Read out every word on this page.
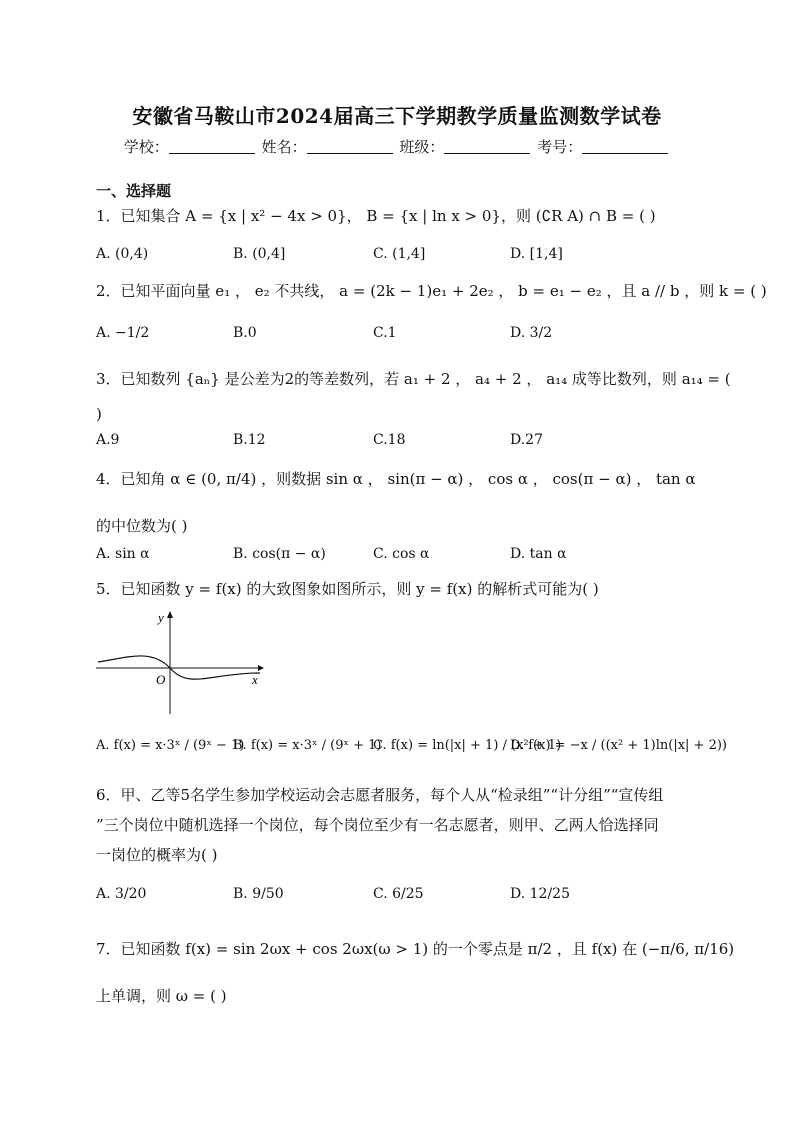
安徽省马鞍山市2024届高三下学期教学质量监测数学试卷
学校：	姓名：	班级：	考号：
一、选择题
1．已知集合 A = {x | x² − 4x > 0}， B = {x | ln x > 0}，则 (∁R A) ∩ B = ( )
A. (0,4)	B. (0,4]	C. (1,4]	D. [1,4]
2．已知平面向量 e₁ ， e₂ 不共线， a = (2k − 1)e₁ + 2e₂ ， b = e₁ − e₂ ，且 a // b ，则 k = ( )
A. −1/2	B.0	C.1	D. 3/2
3．已知数列 {aₙ} 是公差为2的等差数列，若 a₁ + 2 ， a₄ + 2 ， a₁₄ 成等比数列，则 a₁₄ = (
)
A.9	B.12	C.18	D.27
4．已知角 α ∈ (0, π/4) ，则数据 sin α ， sin(π − α) ， cos α ， cos(π − α) ， tan α
的中位数为( )
A. sin α	B. cos(π − α)	C. cos α	D. tan α
5．已知函数 y = f(x) 的大致图象如图所示，则 y = f(x) 的解析式可能为( )
y
x
O
A. f(x) = x·3ˣ / (9ˣ − 1)
B. f(x) = x·3ˣ / (9ˣ + 1)
C. f(x) = ln(|x| + 1) / (x² + 1)
D. f(x) = −x / ((x² + 1)ln(|x| + 2))
6．甲、乙等5名学生参加学校运动会志愿者服务，每个人从“检录组”“计分组”“宣传组
”三个岗位中随机选择一个岗位，每个岗位至少有一名志愿者，则甲、乙两人恰选择同
一岗位的概率为( )
A. 3/20	B. 9/50	C. 6/25	D. 12/25
7．已知函数 f(x) = sin 2ωx + cos 2ωx(ω > 1) 的一个零点是 π/2 ，且 f(x) 在 (−π/6, π/16)
上单调，则 ω = ( )
